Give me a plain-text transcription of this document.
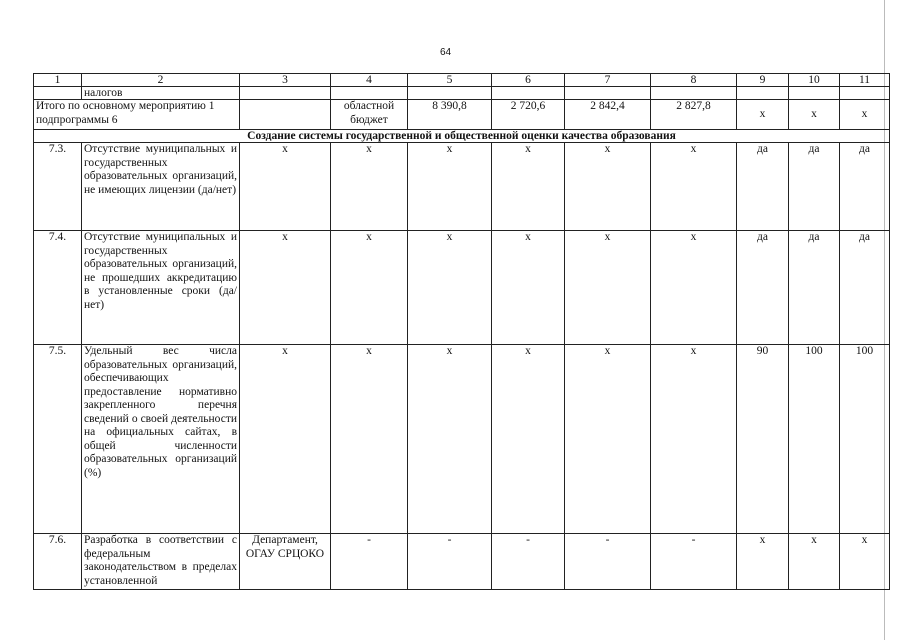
64
1	2	3	4	5	6	7	8	9	10	11
	налогов									
Итого по основному мероприятию 1 подпрограммы 6			областной бюджет	8 390,8	2 720,6	2 842,4	2 827,8	х	х	х
Создание системы государственной и общественной оценки качества образования										
7.3.	Отсутствие муниципальных и государственных образовательных организаций, не имеющих лицензии (да/нет)	х	х	х	х	х	х	да	да	да
7.4.	Отсутствие муниципальных и государственных образовательных организаций, не прошедших аккредитацию в установленные сроки (да/нет)	х	х	х	х	х	х	да	да	да
7.5.	Удельный вес числа образовательных организаций, обеспечивающих предоставление нормативно закрепленного перечня сведений о своей деятельности на официальных сайтах, в общей численности образовательных организаций (%)	х	х	х	х	х	х	90	100	100
7.6.	Разработка в соответствии с федеральным законодательством в пределах установленной	Департамент, ОГАУ СРЦОКО	-	-	-	-	-	х	х	х
